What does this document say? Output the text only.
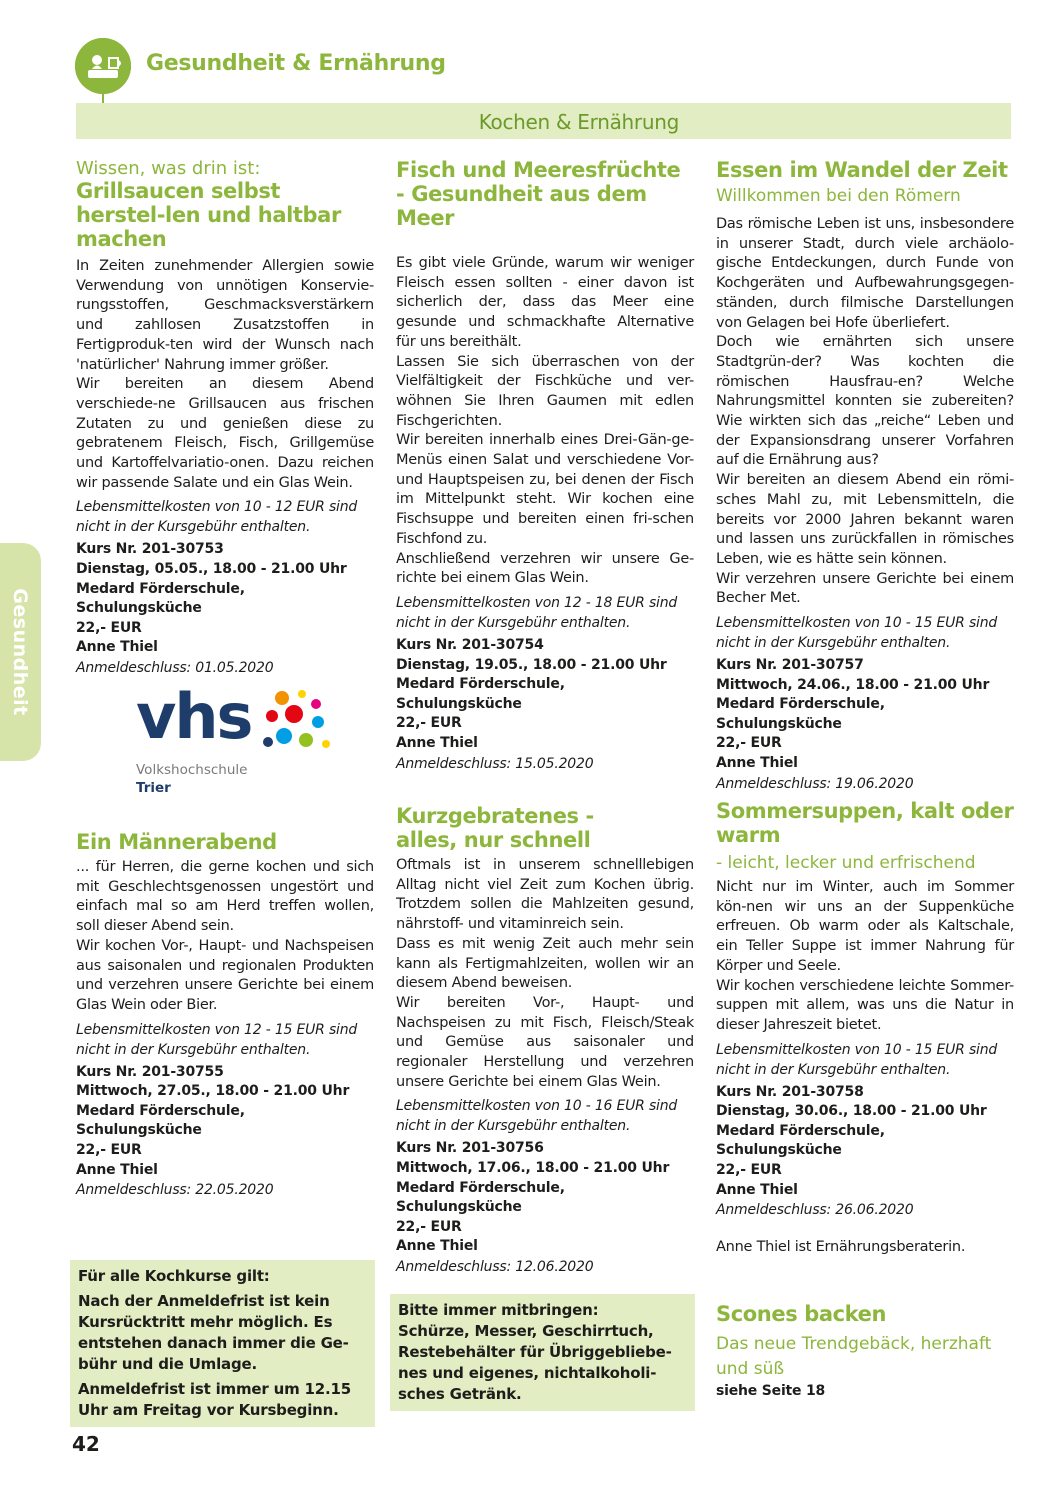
Gesundheit & Ernährung
Kochen & Ernährung
Gesundheit
Wissen, was drin ist:
Grillsaucen selbst herstel-len und haltbar machen

In Zeiten zunehmender Allergien sowie Verwendung von unnötigen Konservie-rungsstoffen, Geschmacksverstärkern und zahllosen Zusatzstoffen in Fertigproduk-ten wird der Wunsch nach 'natürlicher' Nahrung immer größer.

Wir bereiten an diesem Abend verschiede-ne Grillsaucen aus frischen Zutaten zu und genießen diese zu gebratenem Fleisch, Fisch, Grillgemüse und Kartoffelvariatio-onen. Dazu reichen wir passende Salate und ein Glas Wein.

Lebensmittelkosten von 10 - 12 EUR sind nicht in der Kursgebühr enthalten.
Kurs Nr. 201-30753
Dienstag, 05.05., 18.00 - 21.00 Uhr
Medard Förderschule, Schulungsküche
22,- EUR
Anne Thiel
Anmeldeschluss: 01.05.2020
vhs
Volkshochschule
Trier
Ein Männerabend

... für Herren, die gerne kochen und sich mit Geschlechtsgenossen ungestört und einfach mal so am Herd treffen wollen, soll dieser Abend sein.

Wir kochen Vor-, Haupt- und Nachspeisen aus saisonalen und regionalen Produkten und verzehren unsere Gerichte bei einem Glas Wein oder Bier.

Lebensmittelkosten von 12 - 15 EUR sind nicht in der Kursgebühr enthalten.
Kurs Nr. 201-30755
Mittwoch, 27.05., 18.00 - 21.00 Uhr
Medard Förderschule, Schulungsküche
22,- EUR
Anne Thiel
Anmeldeschluss: 22.05.2020
Für alle Kochkurse gilt:
Nach der Anmeldefrist ist kein Kursrücktritt mehr möglich. Es entstehen danach immer die Ge-bühr und die Umlage.
Anmeldefrist ist immer um 12.15 Uhr am Freitag vor Kursbeginn.
Fisch und Meeresfrüchte - Gesundheit aus dem Meer

Es gibt viele Gründe, warum wir weniger Fleisch essen sollten - einer davon ist sicherlich der, dass das Meer eine gesunde und schmackhafte Alternative für uns bereithält.

Lassen Sie sich überraschen von der Vielfältigkeit der Fischküche und ver-wöhnen Sie Ihren Gaumen mit edlen Fischgerichten.

Wir bereiten innerhalb eines Drei-Gän-ge-Menüs einen Salat und verschiedene Vor- und Hauptspeisen zu, bei denen der Fisch im Mittelpunkt steht. Wir kochen eine Fischsuppe und bereiten einen fri-schen Fischfond zu.

Anschließend verzehren wir unsere Ge-richte bei einem Glas Wein.

Lebensmittelkosten von 12 - 18 EUR sind nicht in der Kursgebühr enthalten.
Kurs Nr. 201-30754
Dienstag, 19.05., 18.00 - 21.00 Uhr
Medard Förderschule, Schulungsküche
22,- EUR
Anne Thiel
Anmeldeschluss: 15.05.2020
Kurzgebratenes - alles, nur schnell

Oftmals ist in unserem schnelllebigen Alltag nicht viel Zeit zum Kochen übrig. Trotzdem sollen die Mahlzeiten gesund, nährstoff- und vitaminreich sein.

Dass es mit wenig Zeit auch mehr sein kann als Fertigmahlzeiten, wollen wir an diesem Abend beweisen.

Wir bereiten Vor-, Haupt- und Nachspeisen zu mit Fisch, Fleisch/Steak und Gemüse aus saisonaler und regionaler Herstellung und verzehren unsere Gerichte bei einem Glas Wein.

Lebensmittelkosten von 10 - 16 EUR sind nicht in der Kursgebühr enthalten.
Kurs Nr. 201-30756
Mittwoch, 17.06., 18.00 - 21.00 Uhr
Medard Förderschule, Schulungsküche
22,- EUR
Anne Thiel
Anmeldeschluss: 12.06.2020
Bitte immer mitbringen:
Schürze, Messer, Geschirrtuch, Restebehälter für Übriggebliebe-nes und eigenes, nichtalkoholi-sches Getränk.
Essen im Wandel der Zeit
Willkommen bei den Römern

Das römische Leben ist uns, insbesondere in unserer Stadt, durch viele archäolo-gische Entdeckungen, durch Funde von Kochgeräten und Aufbewahrungsgegen-ständen, durch filmische Darstellungen von Gelagen bei Hofe überliefert.

Doch wie ernährten sich unsere Stadtgrün-der? Was kochten die römischen Hausfrau-en? Welche Nahrungsmittel konnten sie zubereiten? Wie wirkten sich das „reiche“ Leben und der Expansionsdrang unserer Vorfahren auf die Ernährung aus?

Wir bereiten an diesem Abend ein römi-sches Mahl zu, mit Lebensmitteln, die bereits vor 2000 Jahren bekannt waren und lassen uns zurückfallen in römisches Leben, wie es hätte sein können.

Wir verzehren unsere Gerichte bei einem Becher Met.

Lebensmittelkosten von 10 - 15 EUR sind nicht in der Kursgebühr enthalten.
Kurs Nr. 201-30757
Mittwoch, 24.06., 18.00 - 21.00 Uhr
Medard Förderschule, Schulungsküche
22,- EUR
Anne Thiel
Anmeldeschluss: 19.06.2020
Sommersuppen, kalt oder warm
- leicht, lecker und erfrischend

Nicht nur im Winter, auch im Sommer kön-nen wir uns an der Suppenküche erfreuen. Ob warm oder als Kaltschale, ein Teller Suppe ist immer Nahrung für Körper und Seele.

Wir kochen verschiedene leichte Sommer-suppen mit allem, was uns die Natur in dieser Jahreszeit bietet.

Lebensmittelkosten von 10 - 15 EUR sind nicht in der Kursgebühr enthalten.
Kurs Nr. 201-30758
Dienstag, 30.06., 18.00 - 21.00 Uhr
Medard Förderschule, Schulungsküche
22,- EUR
Anne Thiel
Anmeldeschluss: 26.06.2020
Anne Thiel ist Ernährungsberaterin.
Scones backen
Das neue Trendgebäck, herzhaft und süß
siehe Seite 18
42
